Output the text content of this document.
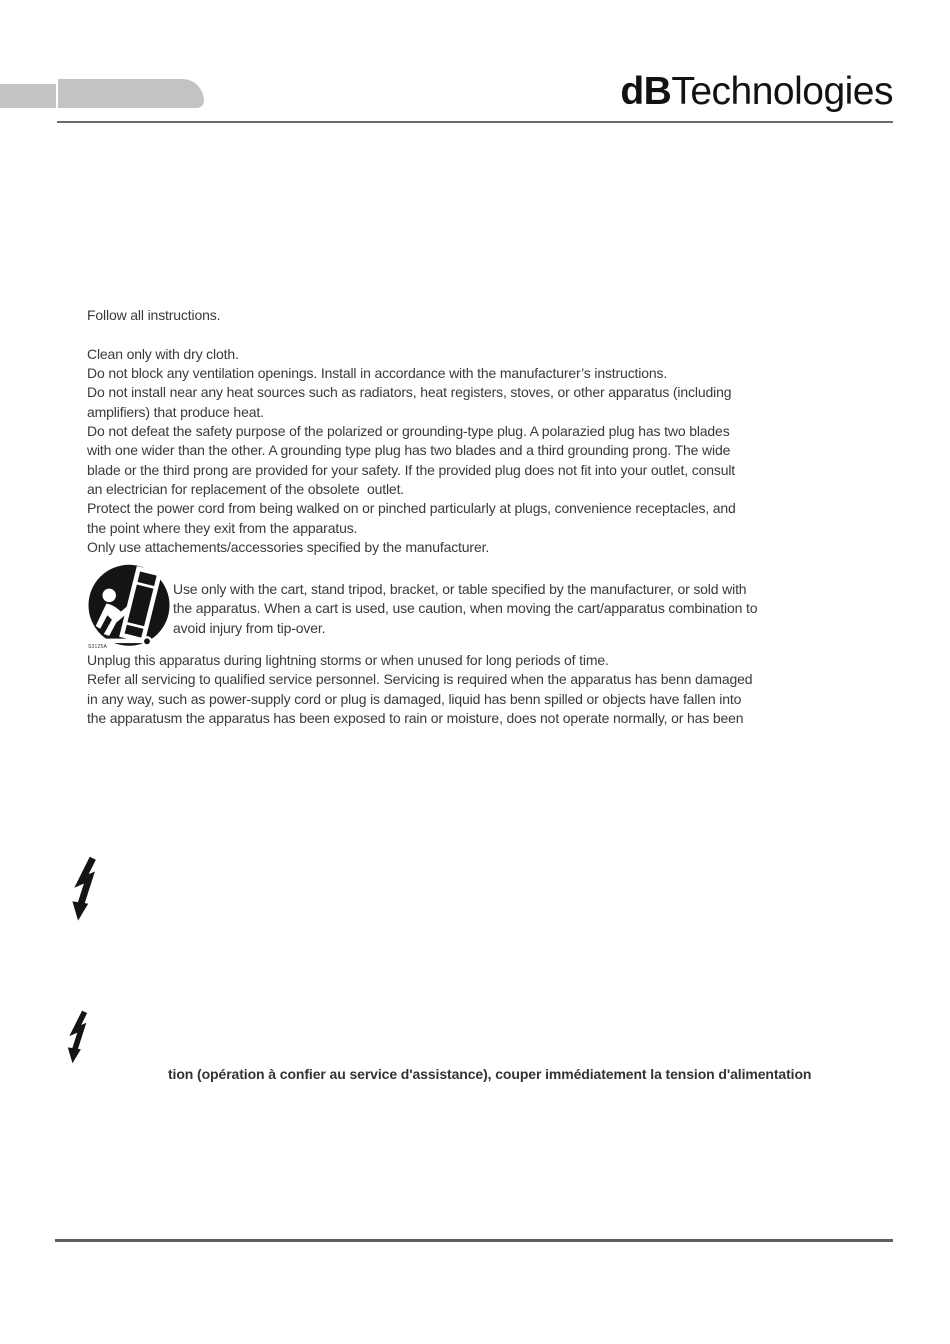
dBTechnologies
Follow all instructions.

Clean only with dry cloth.
Do not block any ventilation openings. Install in accordance with the manufacturer’s instructions.
Do not install near any heat sources such as radiators, heat registers, stoves, or other apparatus (including
amplifiers) that produce heat.
Do not defeat the safety purpose of the polarized or grounding-type plug. A polarazied plug has two blades
with one wider than the other. A grounding type plug has two blades and a third grounding prong. The wide
blade or the third prong are provided for your safety. If the provided plug does not fit into your outlet, consult
an electrician for replacement of the obsolete  outlet.
Protect the power cord from being walked on or pinched particularly at plugs, convenience receptacles, and
the point where they exit from the apparatus.
Only use attachements/accessories specified by the manufacturer.
S3125A
Use only with the cart, stand tripod, bracket, or table specified by the manufacturer, or sold with
the apparatus. When a cart is used, use caution, when moving the cart/apparatus combination to
avoid injury from tip-over.
Unplug this apparatus during lightning storms or when unused for long periods of time.
Refer all servicing to qualified service personnel. Servicing is required when the apparatus has benn damaged
in any way, such as power-supply cord or plug is damaged, liquid has benn spilled or objects have fallen into
the apparatusm the apparatus has been exposed to rain or moisture, does not operate normally, or has been
tion (opération à confier au service d'assistance), couper immédiatement la tension d'alimentation
